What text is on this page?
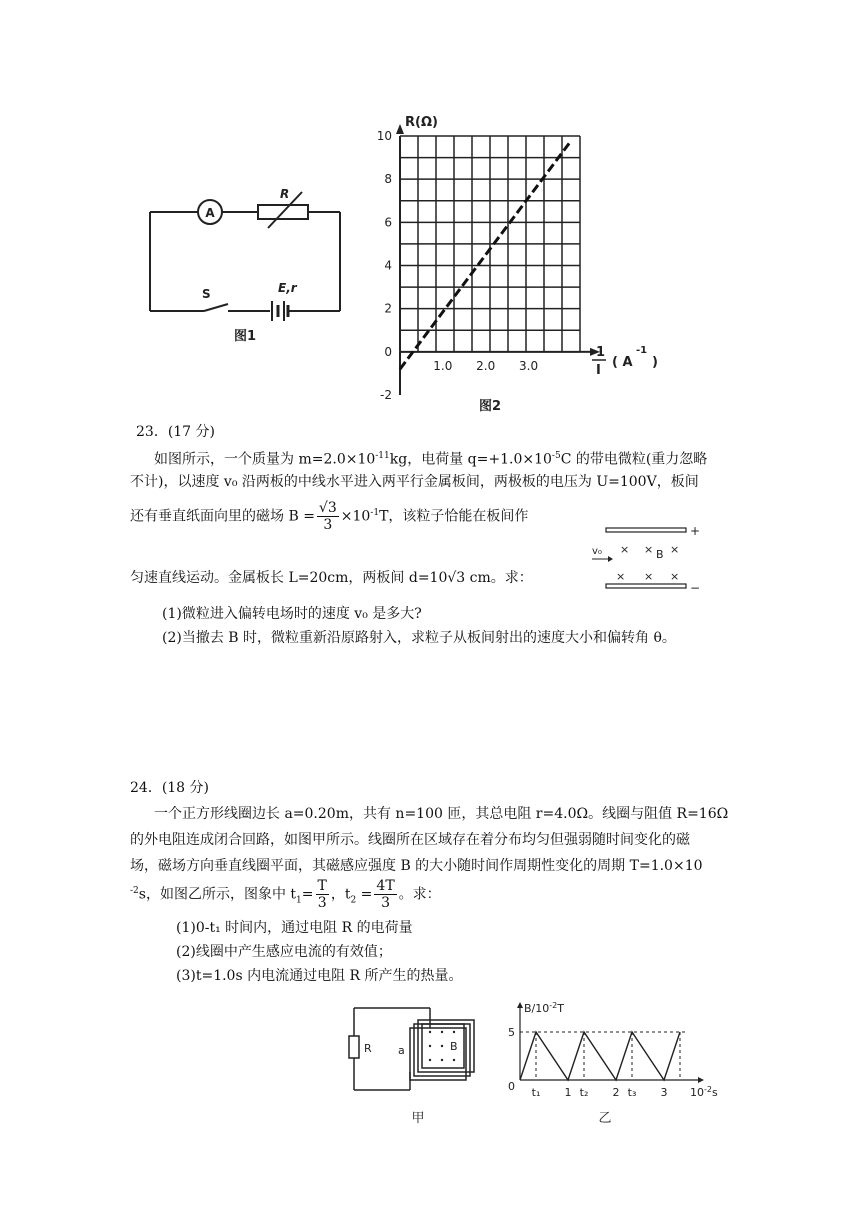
A
R
S	E,r
图1
10
8
6
4
2
0
-2
1.0 2.0 3.0
R(Ω)
1
I
( A
-1
)
图2
23．(17 分)
如图所示，一个质量为 $m=2.0\times 10^{-11}kg$，电荷量 $q=+1.0\times 10^{-5}C$ 的带电微粒(重力忽略
不计)，以速度 v₀ 沿两板的中线水平进入两平行金属板间，两极板的电压为 U=100V，板间
还有垂直纸面向里的磁场 $B = \frac{√3}{3} \times 10^{-1}T$，该粒子恰能在板间作
匀速直线运动。金属板长 L=20cm，两板间 d=10√3 cm。求：
(1)微粒进入偏转电场时的速度 v₀ 是多大?
(2)当撤去 B 时，微粒重新沿原路射入，求粒子从板间射出的速度大小和偏转角 θ。
+
−
v₀ × × ×
B
× × ×
24．(18 分)
一个正方形线圈边长 a=0.20m，共有 n=100 匝，其总电阻 r=4.0Ω。线圈与阻值 R=16Ω
的外电阻连成闭合回路，如图甲所示。线圈所在区域存在着分布均匀但强弱随时间变化的磁
场，磁场方向垂直线圈平面，其磁感应强度 B 的大小随时间作周期性变化的周期 T=1.0×10
$^{-2}$s，如图乙所示，图象中 $t_1= \frac{T}{3}$ ，$t_2 = \frac{4T}{3}$ 。求：
(1)0-t₁ 时间内，通过电阻 R 的电荷量
(2)线圈中产生感应电流的有效值；
(3)t=1.0s 内电流通过电阻 R 所产生的热量。
R a	B
甲
$B/10^{-2}T$
5
0 t₁ 1 t₂ 2 t₃ 3 $10^{-2}s$
乙
